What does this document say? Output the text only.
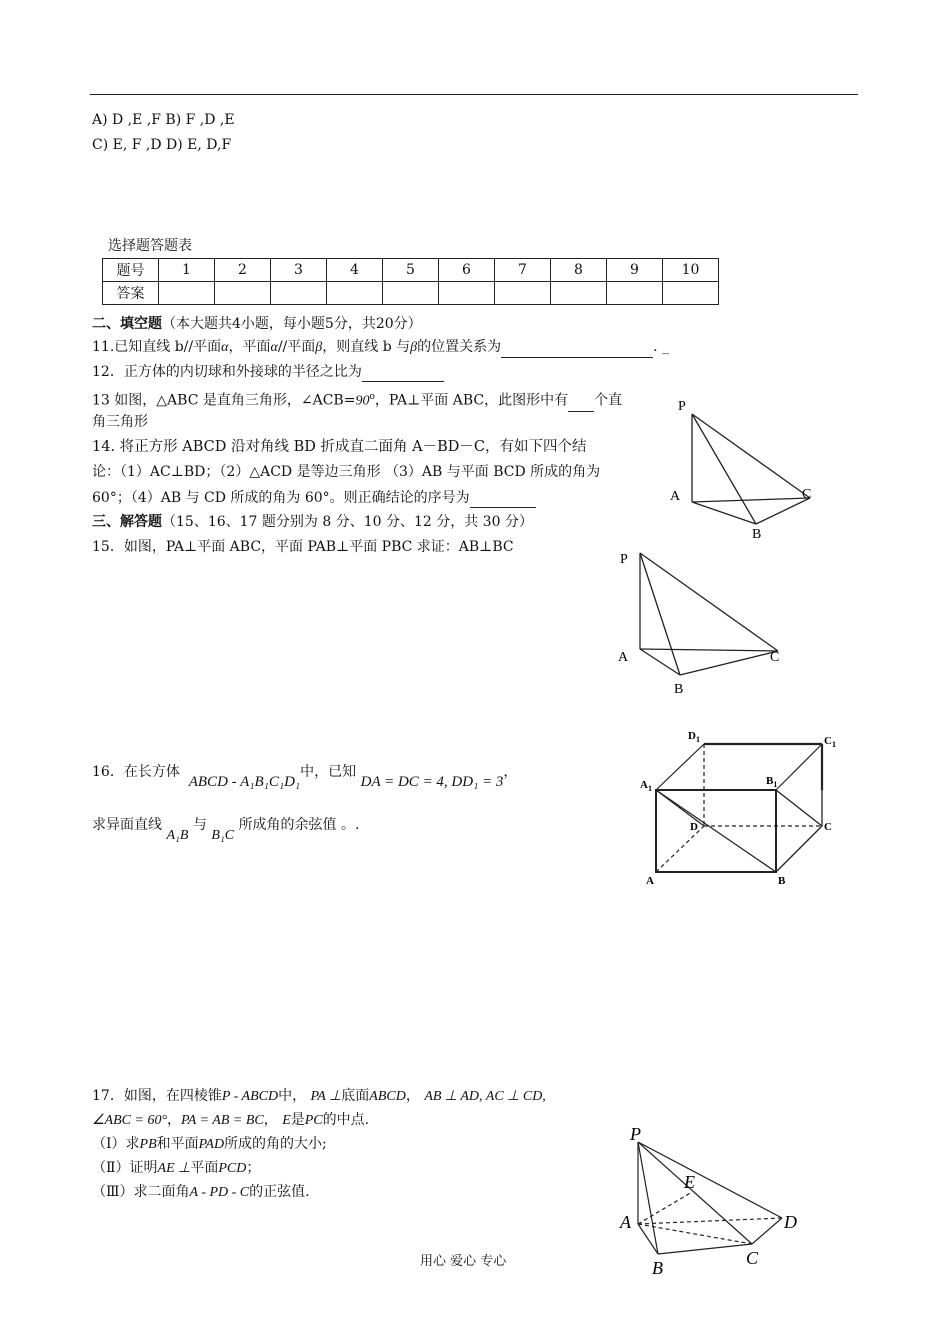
A) D ,E ,F B) F ,D ,E
C) E, F ,D D) E, D,F
选择题答题表
题号	1	2	3	4	5	6	7	8	9	10
答案										
二、填空题（本大题共4小题，每小题5分，共20分）
11.已知直线 b//平面α，平面α//平面β，则直线 b 与β的位置关系为	. _
12．正方体的内切球和外接球的半径之比为
13 如图，△ABC 是直角三角形，$\angle ACB=90^o$，PA⊥平面 ABC，此图形中有 个直
角三角形
14. 将正方形 ABCD 沿对角线 BD 折成直二面角 A－BD－C，有如下四个结
论：（1）AC⊥BD；（2）△ACD 是等边三角形 （3）AB 与平面 BCD 所成的角为
60°；（4）AB 与 CD 所成的角为 60°。则正确结论的序号为
三、解答题（15、16、17 题分别为 8 分、10 分、12 分，共 30 分）
15．如图，PA⊥平面 ABC，平面 PAB⊥平面 PBC 求证：AB⊥BC
16．在长方体  ABCD - A₁B₁C₁D₁中，已知 DA = DC = 4, DD₁ = 3，
求异面直线 A₁B 与 B₁C 所成角的余弦值 。.
17．如图，在四棱锥P - ABCD中， PA ⊥底面ABCD， AB ⊥ AD, AC ⊥ CD,
∠ABC = 60°，PA = AB = BC， E是PC的中点.
（Ⅰ）求PB和平面PAD所成的角的大小;
（Ⅱ）证明AE ⊥平面PCD；
（Ⅲ）求二面角A - PD - C的正弦值.
P
A
B
C
P
A
B
C
$D_1$	$C_1$
$A_1$
$B_1$
D	C
A	B
P
E
A	D
C
B
用心 爱心 专心
